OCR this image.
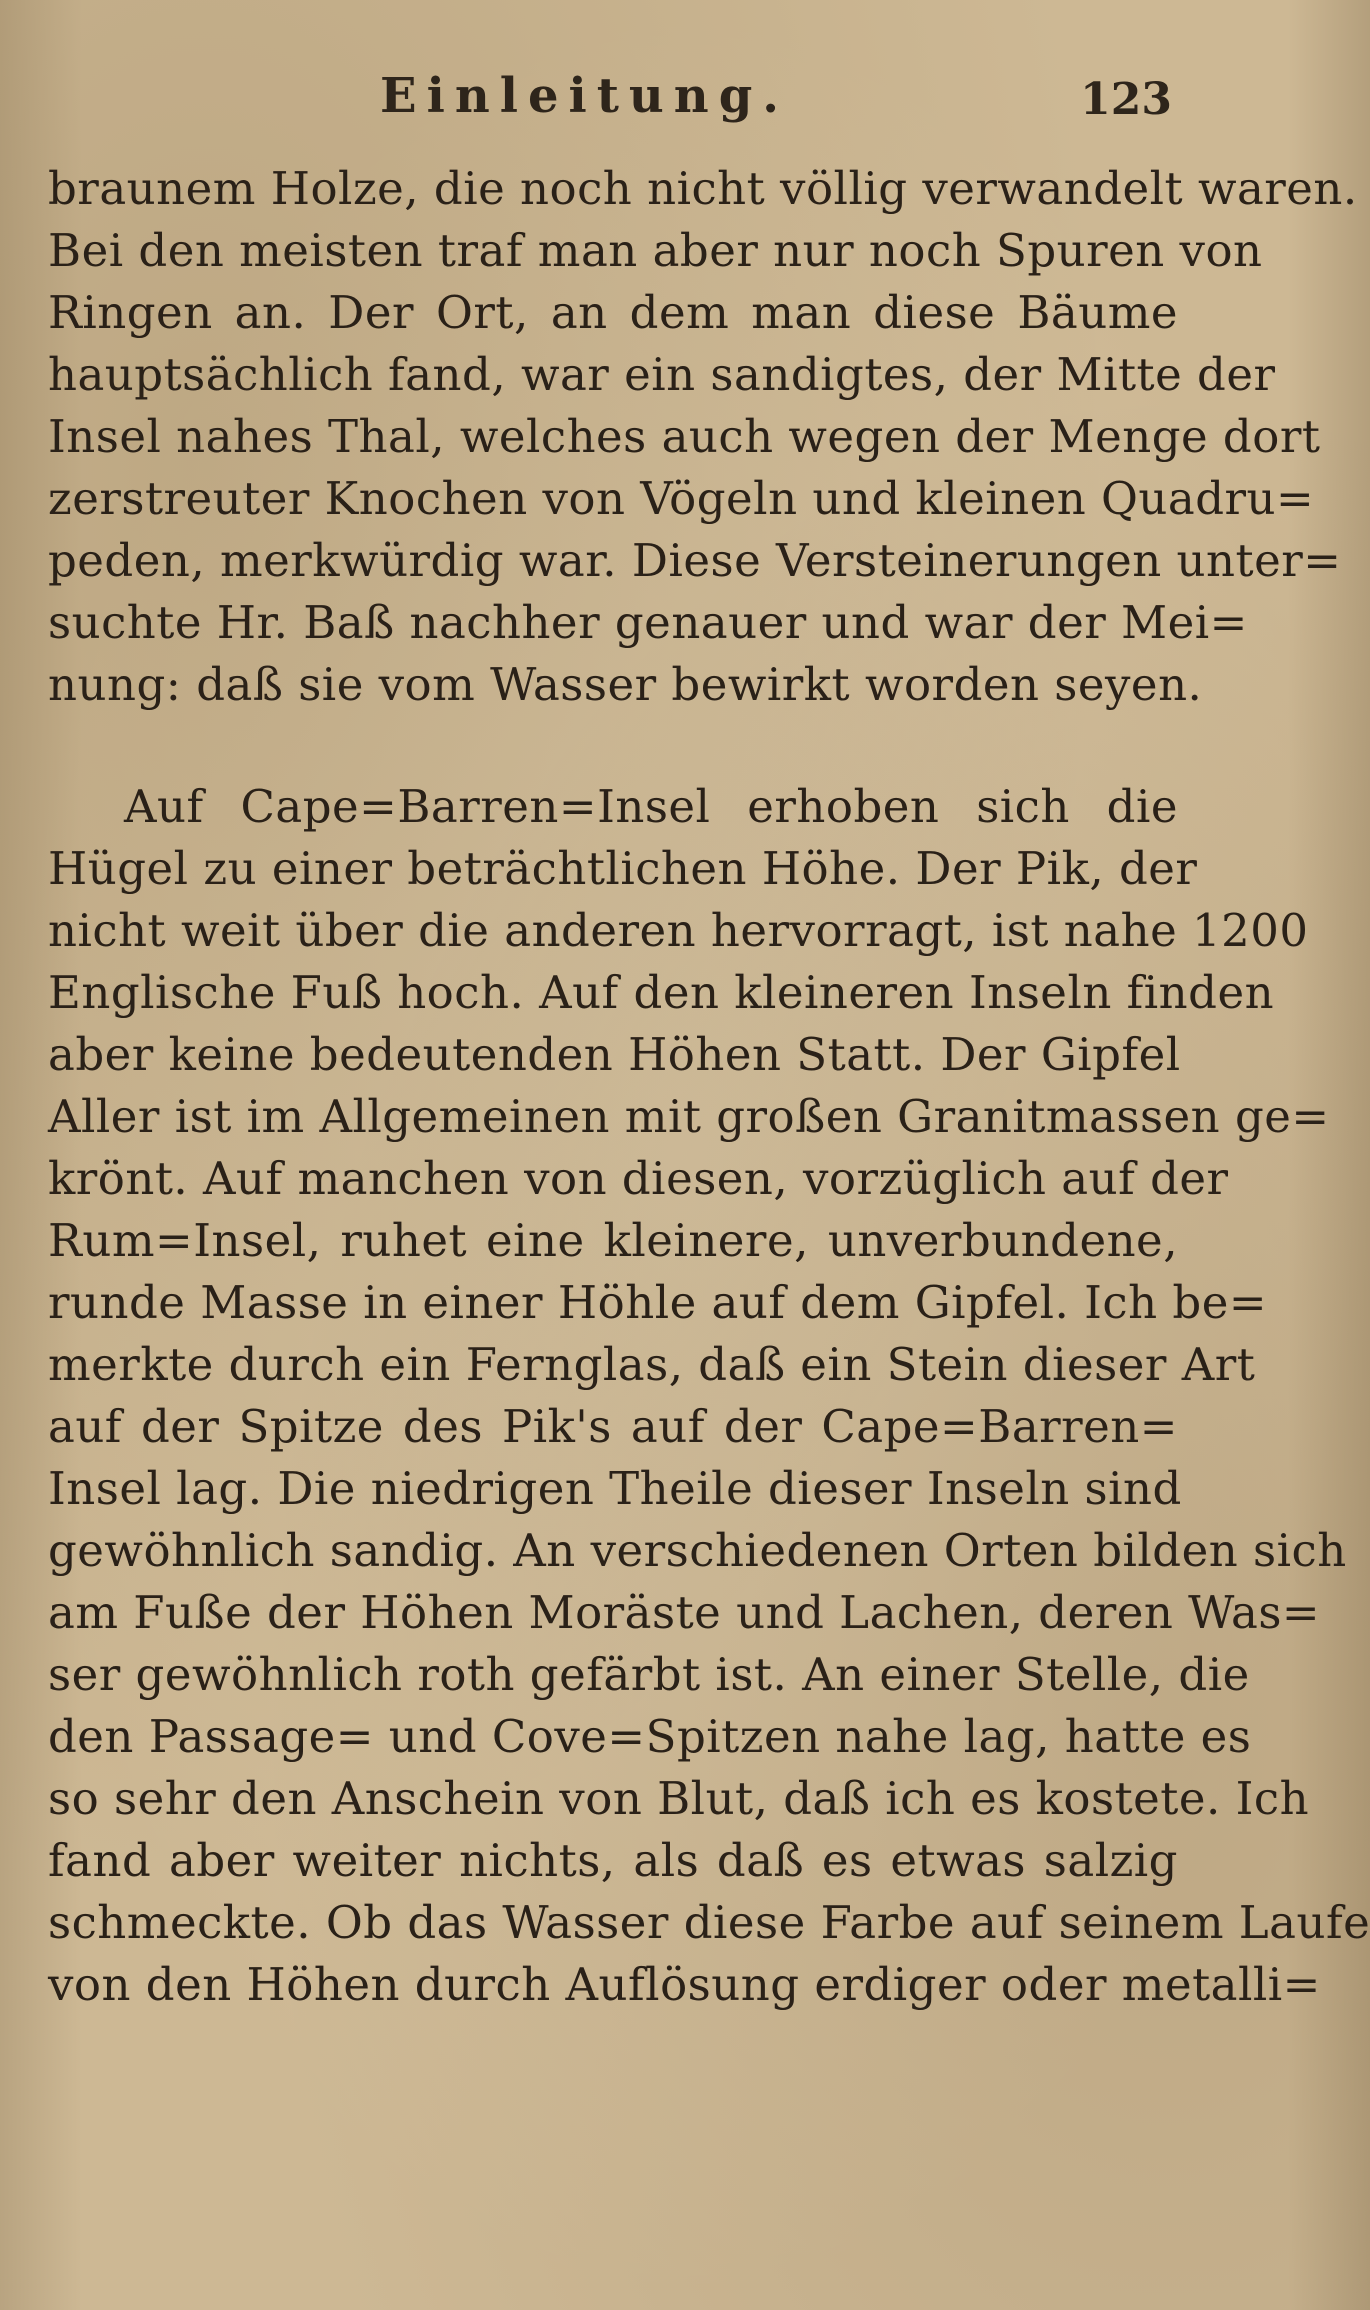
Einleitung.	123
braunem Holze, die noch nicht völlig verwandelt waren.
Bei den meisten traf man aber nur noch Spuren von
Ringen an. Der Ort, an dem man diese Bäume
hauptsächlich fand, war ein sandigtes, der Mitte der
Insel nahes Thal, welches auch wegen der Menge dort
zerstreuter Knochen von Vögeln und kleinen Quadru=
peden, merkwürdig war. Diese Versteinerungen unter=
suchte Hr. Baß nachher genauer und war der Mei=
nung: daß sie vom Wasser bewirkt worden seyen.
Auf Cape=Barren=Insel erhoben sich die
Hügel zu einer beträchtlichen Höhe. Der Pik, der
nicht weit über die anderen hervorragt, ist nahe 1200
Englische Fuß hoch. Auf den kleineren Inseln finden
aber keine bedeutenden Höhen Statt. Der Gipfel
Aller ist im Allgemeinen mit großen Granitmassen ge=
krönt. Auf manchen von diesen, vorzüglich auf der
Rum=Insel, ruhet eine kleinere, unverbundene,
runde Masse in einer Höhle auf dem Gipfel. Ich be=
merkte durch ein Fernglas, daß ein Stein dieser Art
auf der Spitze des Pik's auf der Cape=Barren=
Insel lag. Die niedrigen Theile dieser Inseln sind
gewöhnlich sandig. An verschiedenen Orten bilden sich
am Fuße der Höhen Moräste und Lachen, deren Was=
ser gewöhnlich roth gefärbt ist. An einer Stelle, die
den Passage= und Cove=Spitzen nahe lag, hatte es
so sehr den Anschein von Blut, daß ich es kostete. Ich
fand aber weiter nichts, als daß es etwas salzig
schmeckte. Ob das Wasser diese Farbe auf seinem Laufe
von den Höhen durch Auflösung erdiger oder metalli=
